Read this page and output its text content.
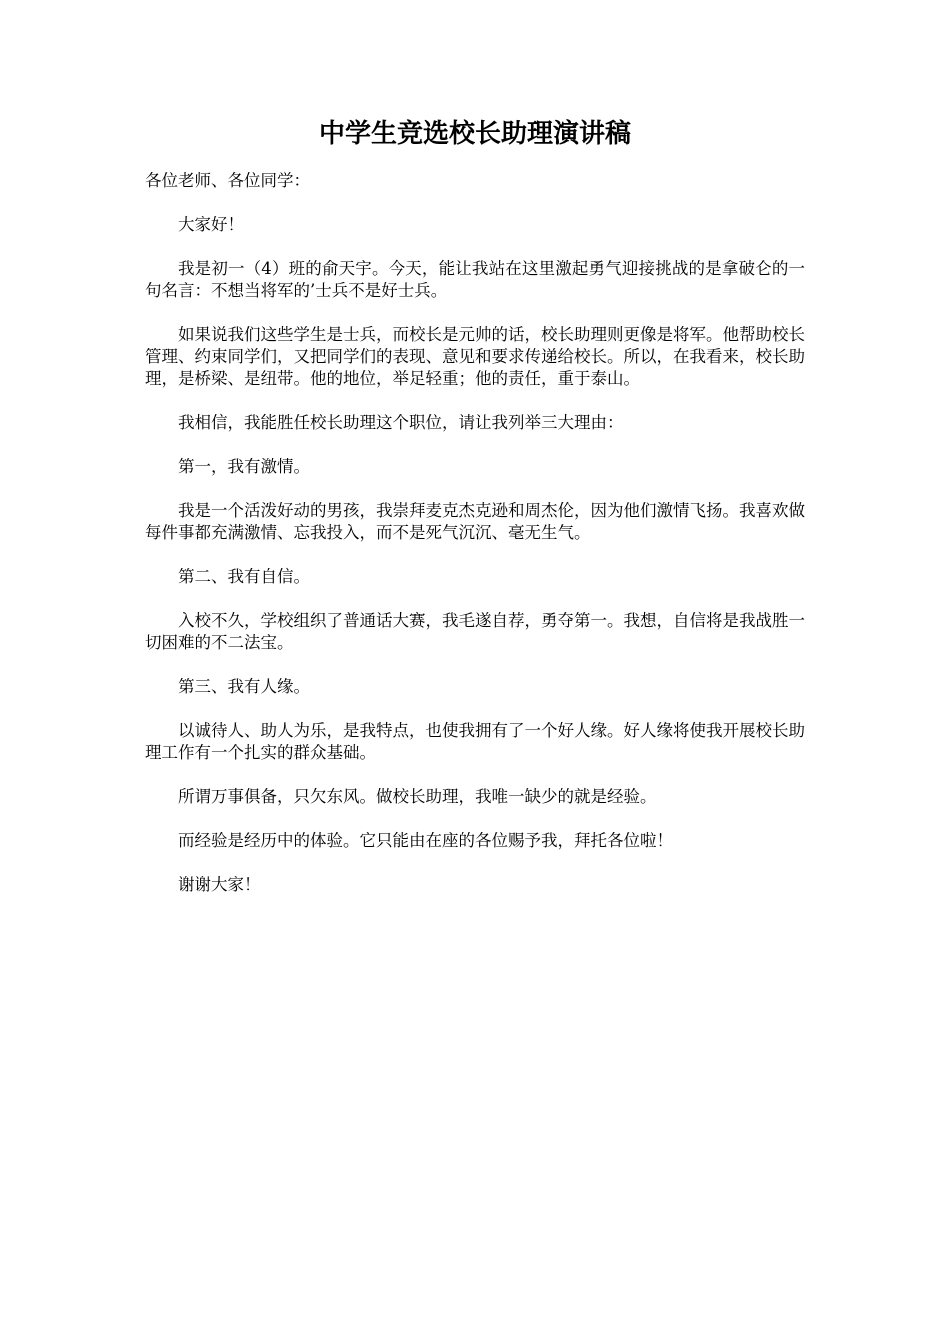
中学生竞选校长助理演讲稿

各位老师、各位同学：

大家好！

我是初一（4）班的俞天宇。今天，能让我站在这里激起勇气迎接挑战的是拿破仑的一句名言：不想当将军的’士兵不是好士兵。

如果说我们这些学生是士兵，而校长是元帅的话，校长助理则更像是将军。他帮助校长管理、约束同学们，又把同学们的表现、意见和要求传递给校长。所以，在我看来，校长助理，是桥梁、是纽带。他的地位，举足轻重；他的责任，重于泰山。

我相信，我能胜任校长助理这个职位，请让我列举三大理由：

第一，我有激情。

我是一个活泼好动的男孩，我崇拜麦克杰克逊和周杰伦，因为他们激情飞扬。我喜欢做每件事都充满激情、忘我投入，而不是死气沉沉、毫无生气。

第二、我有自信。

入校不久，学校组织了普通话大赛，我毛遂自荐，勇夺第一。我想，自信将是我战胜一切困难的不二法宝。

第三、我有人缘。

以诚待人、助人为乐，是我特点，也使我拥有了一个好人缘。好人缘将使我开展校长助理工作有一个扎实的群众基础。

所谓万事俱备，只欠东风。做校长助理，我唯一缺少的就是经验。

而经验是经历中的体验。它只能由在座的各位赐予我，拜托各位啦！

谢谢大家！
